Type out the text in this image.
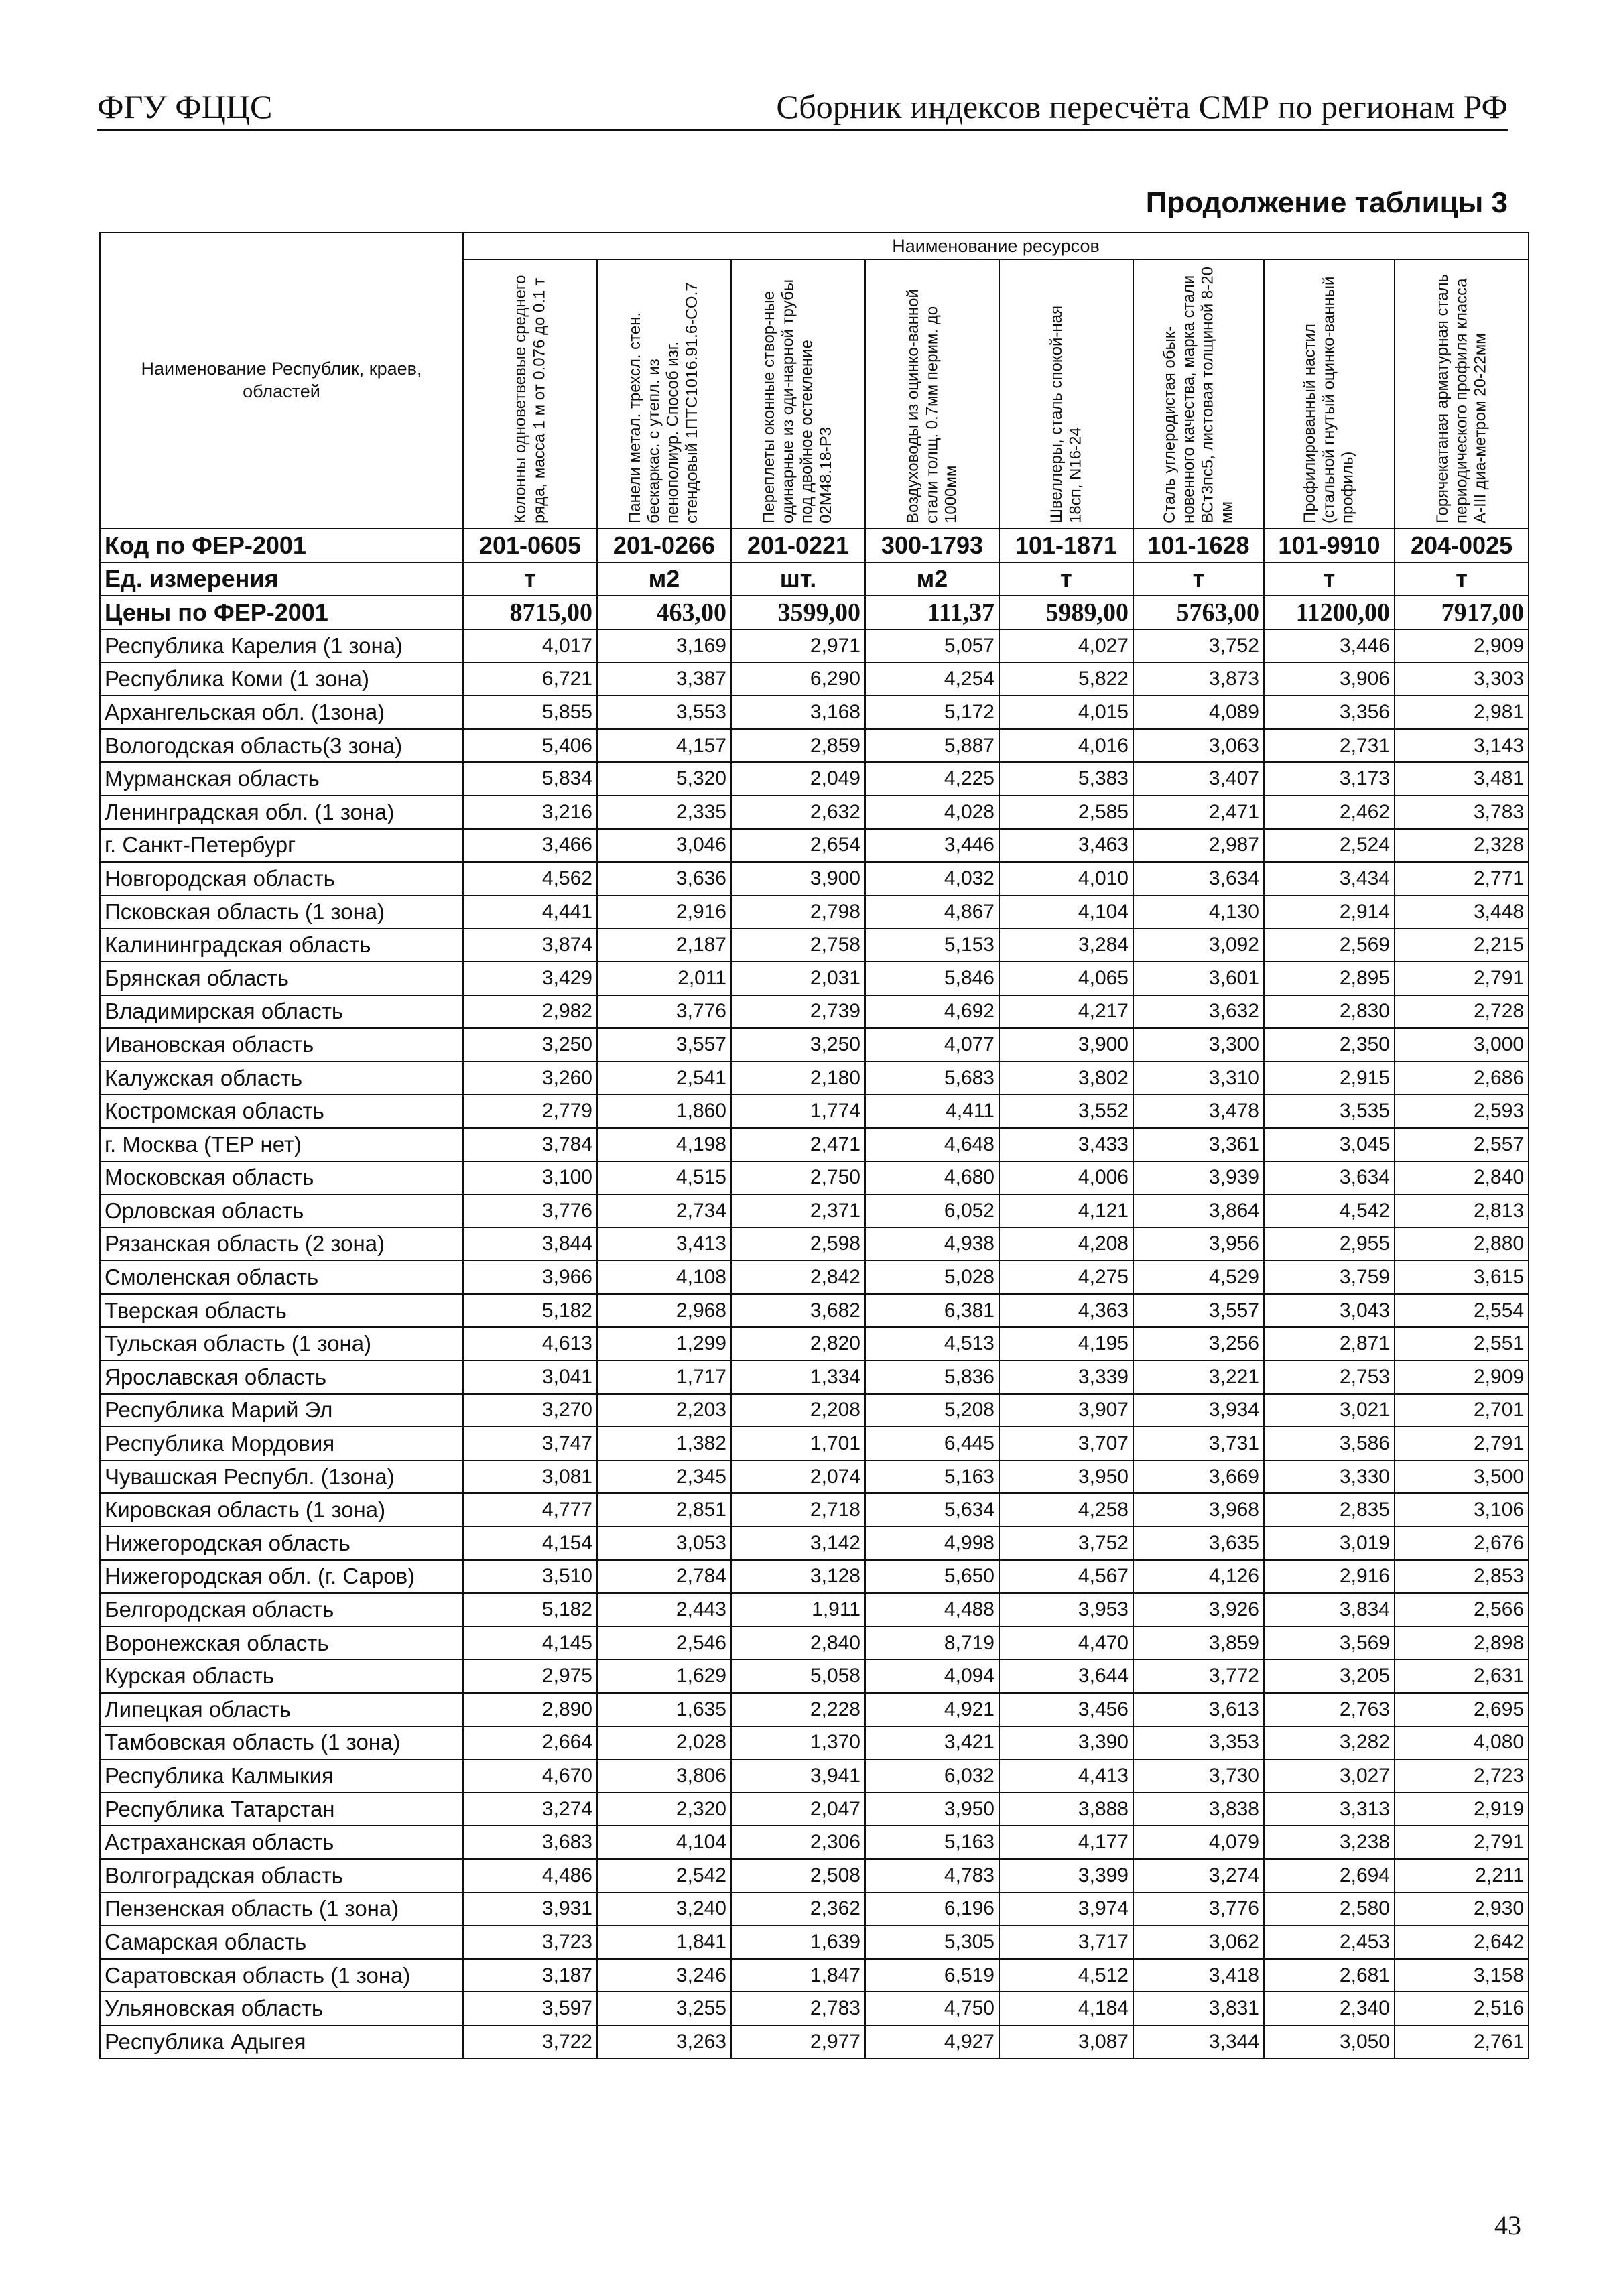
ФГУ ФЦЦС	Сборник индексов пересчёта СМР по регионам РФ
Продолжение таблицы 3
Наименование Республик, краев, областей	Наименование ресурсов							
	Колонны одноветвевые среднего ряда, масса 1 м от 0.076 до 0.1 т	Панели метал. трехсл. стен. бескаркас. с утепл. из пенополиур. Способ изг. стендовый 1ПТС1016.91.6-СО.7	Переплеты оконные створ-ные одинарные из оди-нарной трубы под двойное остекление 02М48.18-Р3	Воздуховоды из оцинко-ванной стали толщ. 0.7мм перим. до 1000мм	Швеллеры, сталь спокой-ная 18сп, N16-24	Сталь углеродистая обык-новенного качества, марка стали ВСт3пс5, листовая толщиной 8-20 мм	Профилированный настил (стальной гнутый оцинко-ванный профиль)	Горячекатаная арматурная сталь периодического профиля класса А-III диа-метром 20-22мм
Код по ФЕР-2001	201-0605	201-0266	201-0221	300-1793	101-1871	101-1628	101-9910	204-0025
Ед. измерения	т	м2	шт.	м2	т	т	т	т
Цены по ФЕР-2001	8715,00	463,00	3599,00	111,37	5989,00	5763,00	11200,00	7917,00
Республика Карелия (1 зона)	4,017	3,169	2,971	5,057	4,027	3,752	3,446	2,909
Республика Коми (1 зона)	6,721	3,387	6,290	4,254	5,822	3,873	3,906	3,303
Архангельская обл. (1зона)	5,855	3,553	3,168	5,172	4,015	4,089	3,356	2,981
Вологодская область(3 зона)	5,406	4,157	2,859	5,887	4,016	3,063	2,731	3,143
Мурманская область	5,834	5,320	2,049	4,225	5,383	3,407	3,173	3,481
Ленинградская обл. (1 зона)	3,216	2,335	2,632	4,028	2,585	2,471	2,462	3,783
г. Санкт-Петербург	3,466	3,046	2,654	3,446	3,463	2,987	2,524	2,328
Новгородская область	4,562	3,636	3,900	4,032	4,010	3,634	3,434	2,771
Псковская область (1 зона)	4,441	2,916	2,798	4,867	4,104	4,130	2,914	3,448
Калининградская область	3,874	2,187	2,758	5,153	3,284	3,092	2,569	2,215
Брянская область	3,429	2,011	2,031	5,846	4,065	3,601	2,895	2,791
Владимирская область	2,982	3,776	2,739	4,692	4,217	3,632	2,830	2,728
Ивановская область	3,250	3,557	3,250	4,077	3,900	3,300	2,350	3,000
Калужская область	3,260	2,541	2,180	5,683	3,802	3,310	2,915	2,686
Костромская область	2,779	1,860	1,774	4,411	3,552	3,478	3,535	2,593
г. Москва (ТЕР нет)	3,784	4,198	2,471	4,648	3,433	3,361	3,045	2,557
Московская область	3,100	4,515	2,750	4,680	4,006	3,939	3,634	2,840
Орловская область	3,776	2,734	2,371	6,052	4,121	3,864	4,542	2,813
Рязанская область (2 зона)	3,844	3,413	2,598	4,938	4,208	3,956	2,955	2,880
Смоленская область	3,966	4,108	2,842	5,028	4,275	4,529	3,759	3,615
Тверская область	5,182	2,968	3,682	6,381	4,363	3,557	3,043	2,554
Тульская область (1 зона)	4,613	1,299	2,820	4,513	4,195	3,256	2,871	2,551
Ярославская область	3,041	1,717	1,334	5,836	3,339	3,221	2,753	2,909
Республика Марий Эл	3,270	2,203	2,208	5,208	3,907	3,934	3,021	2,701
Республика Мордовия	3,747	1,382	1,701	6,445	3,707	3,731	3,586	2,791
Чувашская Республ. (1зона)	3,081	2,345	2,074	5,163	3,950	3,669	3,330	3,500
Кировская область (1 зона)	4,777	2,851	2,718	5,634	4,258	3,968	2,835	3,106
Нижегородская область	4,154	3,053	3,142	4,998	3,752	3,635	3,019	2,676
Нижегородская обл. (г. Саров)	3,510	2,784	3,128	5,650	4,567	4,126	2,916	2,853
Белгородская область	5,182	2,443	1,911	4,488	3,953	3,926	3,834	2,566
Воронежская область	4,145	2,546	2,840	8,719	4,470	3,859	3,569	2,898
Курская область	2,975	1,629	5,058	4,094	3,644	3,772	3,205	2,631
Липецкая область	2,890	1,635	2,228	4,921	3,456	3,613	2,763	2,695
Тамбовская область (1 зона)	2,664	2,028	1,370	3,421	3,390	3,353	3,282	4,080
Республика Калмыкия	4,670	3,806	3,941	6,032	4,413	3,730	3,027	2,723
Республика Татарстан	3,274	2,320	2,047	3,950	3,888	3,838	3,313	2,919
Астраханская область	3,683	4,104	2,306	5,163	4,177	4,079	3,238	2,791
Волгоградская область	4,486	2,542	2,508	4,783	3,399	3,274	2,694	2,211
Пензенская область (1 зона)	3,931	3,240	2,362	6,196	3,974	3,776	2,580	2,930
Самарская область	3,723	1,841	1,639	5,305	3,717	3,062	2,453	2,642
Саратовская область (1 зона)	3,187	3,246	1,847	6,519	4,512	3,418	2,681	3,158
Ульяновская область	3,597	3,255	2,783	4,750	4,184	3,831	2,340	2,516
Республика Адыгея	3,722	3,263	2,977	4,927	3,087	3,344	3,050	2,761
43
